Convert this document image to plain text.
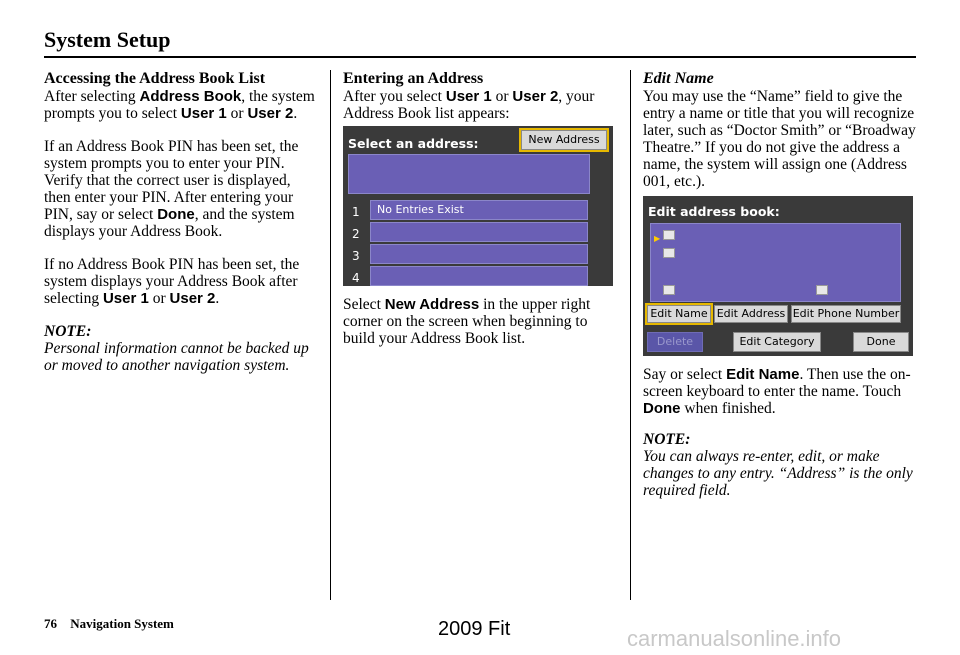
System Setup
Accessing the Address Book List

After selecting Address Book, the system prompts you to select User 1 or User 2.

If an Address Book PIN has been set, the system prompts you to enter your PIN. Verify that the correct user is displayed, then enter your PIN. After entering your PIN, say or select Done, and the system displays your Address Book.

If no Address Book PIN has been set, the system displays your Address Book after selecting User 1 or User 2.

NOTE:
Personal information cannot be backed up or moved to another navigation system.
Entering an Address

After you select User 1 or User 2, your Address Book list appears:

Select an address:	New Address
1	No Entries Exist
2
3
4

Select New Address in the upper right corner on the screen when beginning to build your Address Book list.

Edit Name

You may use the “Name” field to give the entry a name or title that you will recognize later, such as “Doctor Smith” or “Broadway Theatre.” If you do not give the address a name, the system will assign one (Address 001, etc.).

Edit address book:
▶
Edit Name Edit Address Edit Phone Number
Delete	Edit Category	Done

Say or select Edit Name. Then use the on-screen keyboard to enter the name. Touch Done when finished.

NOTE:
You can always re-enter, edit, or make changes to any entry. “Address” is the only required field.
76 Navigation System	2009 Fit	carmanualsonline.info
